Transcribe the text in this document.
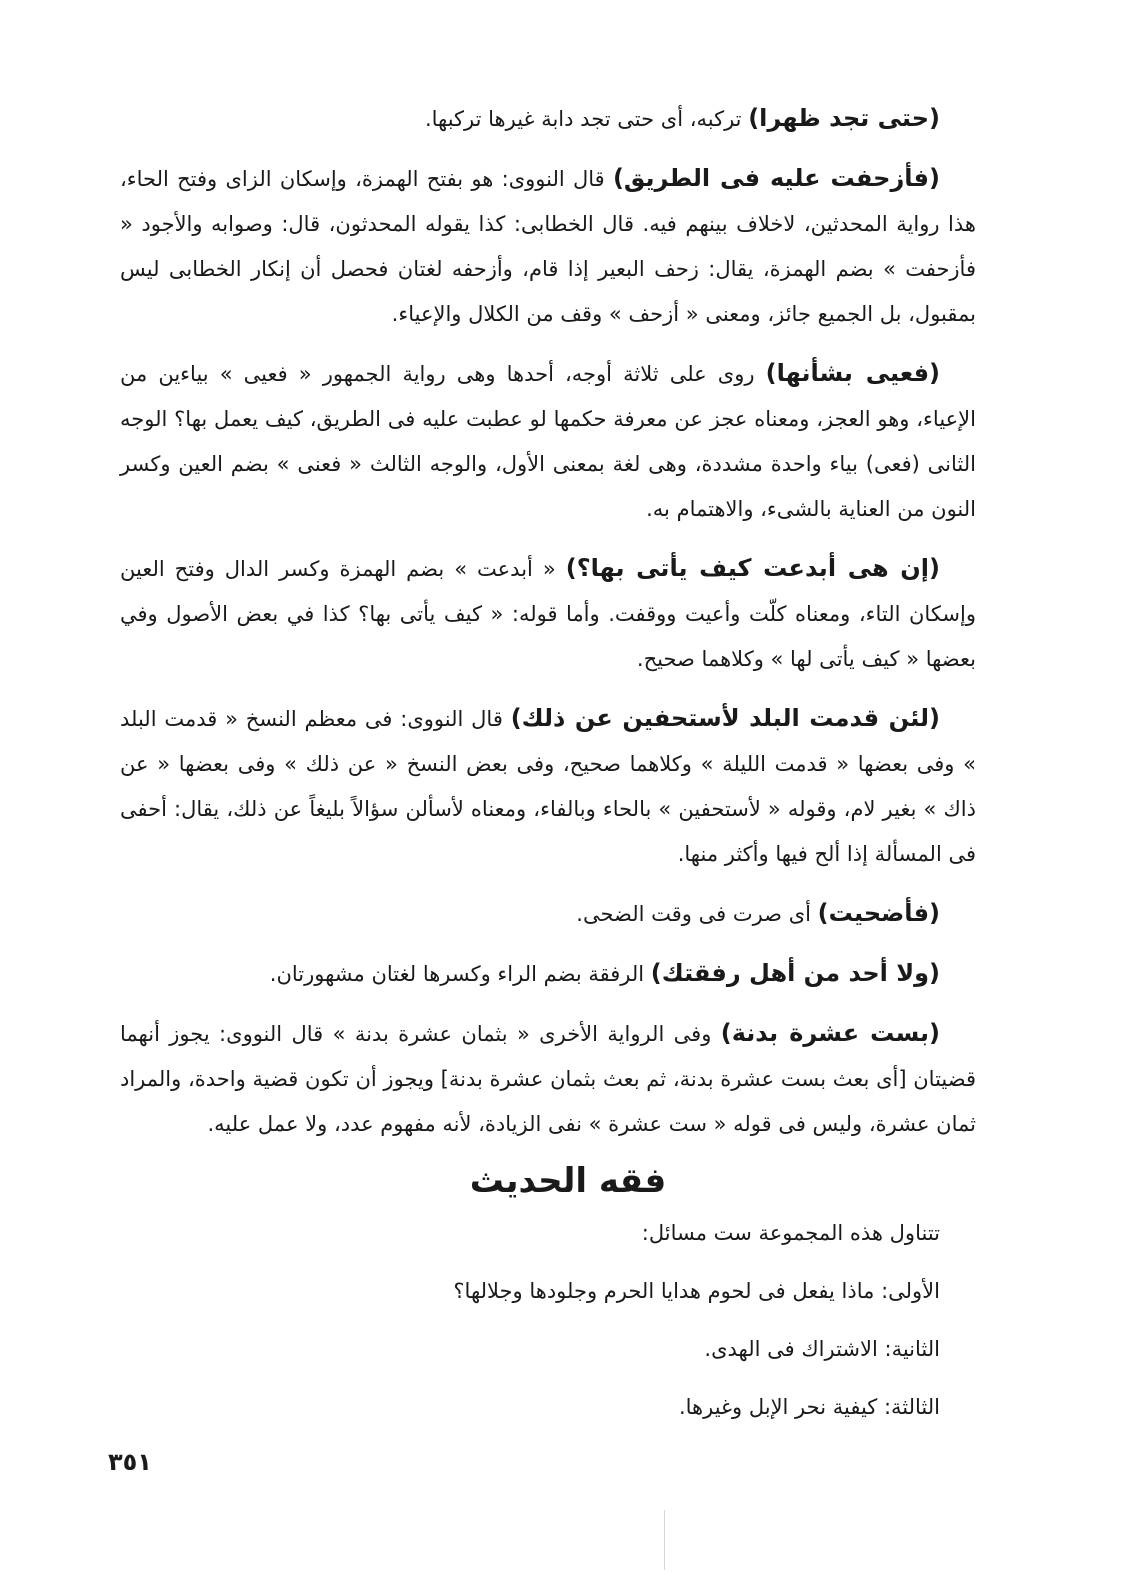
(حتى تجد ظهرا) تركبه، أى حتى تجد دابة غيرها تركبها.

(فأزحفت عليه فى الطريق) قال النووى: هو بفتح الهمزة، وإسكان الزاى وفتح الحاء، هذا رواية المحدثين، لاخلاف بينهم فيه. قال الخطابى: كذا يقوله المحدثون، قال: وصوابه والأجود « فأزحفت » بضم الهمزة، يقال: زحف البعير إذا قام، وأزحفه لغتان فحصل أن إنكار الخطابى ليس بمقبول، بل الجميع جائز، ومعنى « أزحف » وقف من الكلال والإعياء.

(فعيى بشأنها) روى على ثلاثة أوجه، أحدها وهى رواية الجمهور « فعيى » بياءين من الإعياء، وهو العجز، ومعناه عجز عن معرفة حكمها لو عطبت عليه فى الطريق، كيف يعمل بها؟ الوجه الثانى (فعى) بياء واحدة مشددة، وهى لغة بمعنى الأول، والوجه الثالث « فعنى » بضم العين وكسر النون من العناية بالشىء، والاهتمام به.

(إن هى أبدعت كيف يأتى بها؟) « أبدعت » بضم الهمزة وكسر الدال وفتح العين وإسكان التاء، ومعناه كلّت وأعيت ووقفت. وأما قوله: « كيف يأتى بها؟ كذا في بعض الأصول وفي بعضها « كيف يأتى لها » وكلاهما صحيح.

(لئن قدمت البلد لأستحفين عن ذلك) قال النووى: فى معظم النسخ « قدمت البلد » وفى بعضها « قدمت الليلة » وكلاهما صحيح، وفى بعض النسخ « عن ذلك » وفى بعضها « عن ذاك » بغير لام، وقوله « لأستحفين » بالحاء وبالفاء، ومعناه لأسألن سؤالاً بليغاً عن ذلك، يقال: أحفى فى المسألة إذا ألح فيها وأكثر منها.

(فأضحيت) أى صرت فى وقت الضحى.

(ولا أحد من أهل رفقتك) الرفقة بضم الراء وكسرها لغتان مشهورتان.

(بست عشرة بدنة) وفى الرواية الأخرى « بثمان عشرة بدنة » قال النووى: يجوز أنهما قضيتان [أى بعث بست عشرة بدنة، ثم بعث بثمان عشرة بدنة] ويجوز أن تكون قضية واحدة، والمراد ثمان عشرة، وليس فى قوله « ست عشرة » نفى الزيادة، لأنه مفهوم عدد، ولا عمل عليه.

فقه الحديث

تتناول هذه المجموعة ست مسائل:

الأولى: ماذا يفعل فى لحوم هدايا الحرم وجلودها وجلالها؟

الثانية: الاشتراك فى الهدى.

الثالثة: كيفية نحر الإبل وغيرها.

٣٥١
